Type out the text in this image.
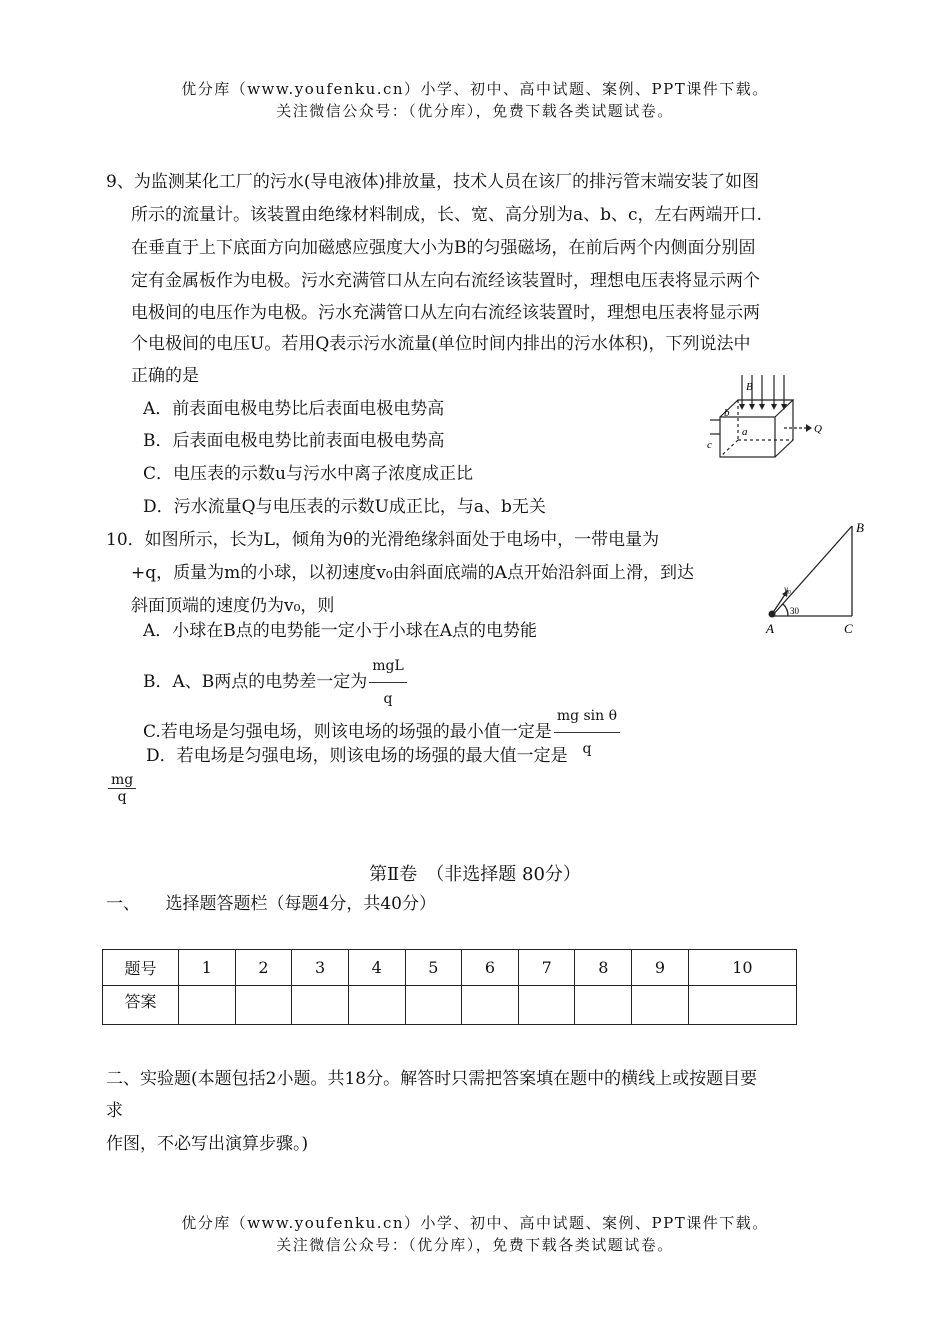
优分库（www.youfenku.cn）小学、初中、高中试题、案例、PPT课件下载。
关注微信公众号：（优分库），免费下载各类试题试卷。
9、为监测某化工厂的污水(导电液体)排放量，技术人员在该厂的排污管末端安装了如图
所示的流量计。该装置由绝缘材料制成，长、宽、高分别为a、b、c，左右两端开口.
在垂直于上下底面方向加磁感应强度大小为B的匀强磁场，在前后两个内侧面分别固
定有金属板作为电极。污水充满管口从左向右流经该装置时，理想电压表将显示两个
电极间的电压作为电极。污水充满管口从左向右流经该装置时，理想电压表将显示两
个电极间的电压U。若用Q表示污水流量(单位时间内排出的污水体积)，下列说法中
正确的是
A．前表面电极电势比后表面电极电势高
B．后表面电极电势比前表面电极电势高
C．电压表的示数u与污水中离子浓度成正比
D．污水流量Q与电压表的示数U成正比，与a、b无关
b
B
a
c
Q
10．如图所示，长为L，倾角为θ的光滑绝缘斜面处于电场中，一带电量为
+q，质量为m的小球，以初速度v₀由斜面底端的A点开始沿斜面上滑，到达
斜面顶端的速度仍为v₀，则
A．小球在B点的电势能一定小于小球在A点的电势能
B．A、B两点的电势差一定为 $\frac{\text{mgL}}{q}$
C.若电场是匀强电场，则该电场的场强的最小值一定是 $\frac{\text{mg sin θ}}{q}$
D．若电场是匀强电场，则该电场的场强的最大值一定是
$\frac{mg}{q}$
A
B
C
v₀
30
第Ⅱ卷　（非选择题 80分）
一、　　选择题答题栏（每题4分，共40分）
题号	1	2	3	4	5	6	7	8	9	10
答案										
二、实验题(本题包括2小题。共18分。解答时只需把答案填在题中的横线上或按题目要
求
作图，不必写出演算步骤。)
优分库（www.youfenku.cn）小学、初中、高中试题、案例、PPT课件下载。
关注微信公众号：（优分库），免费下载各类试题试卷。
